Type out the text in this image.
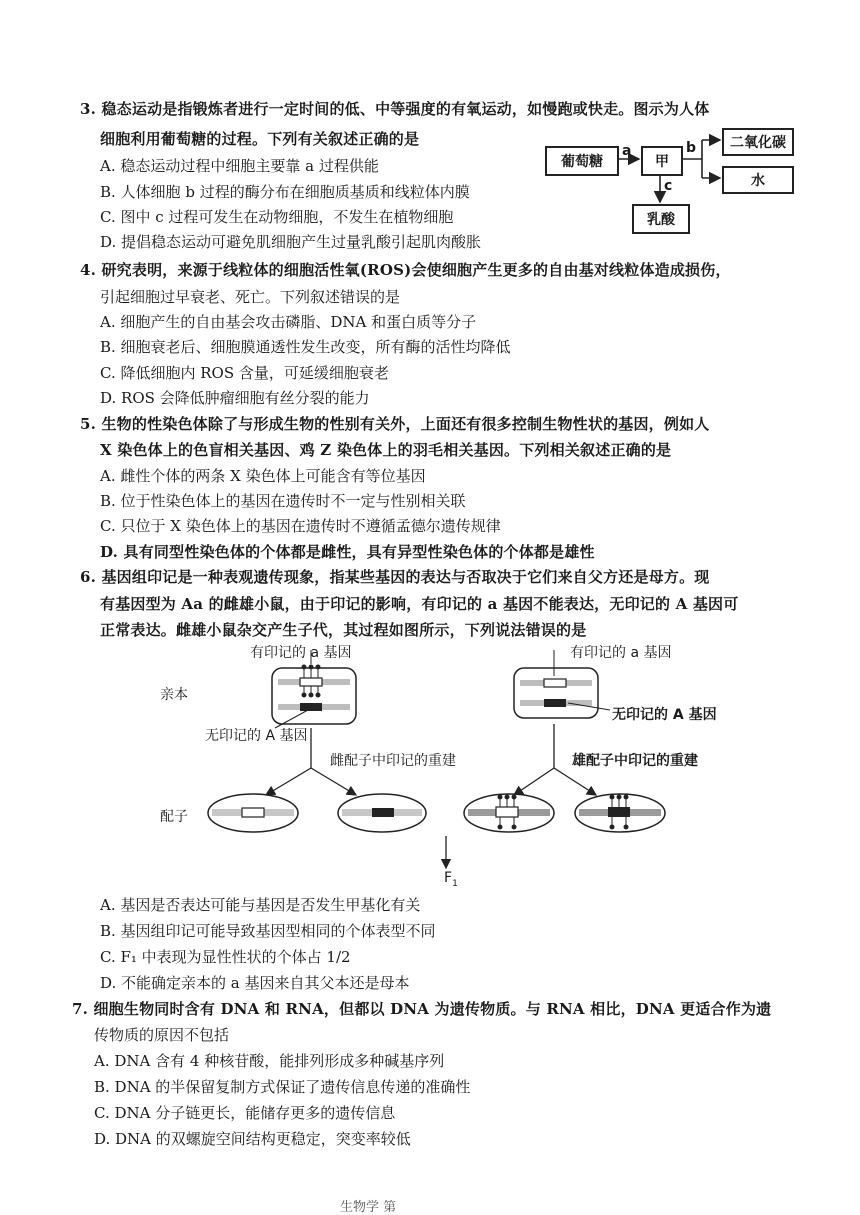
3. 稳态运动是指锻炼者进行一定时间的低、中等强度的有氧运动，如慢跑或快走。图示为人体
细胞利用葡萄糖的过程。下列有关叙述正确的是
A. 稳态运动过程中细胞主要靠 a 过程供能
B. 人体细胞 b 过程的酶分布在细胞质基质和线粒体内膜
C. 图中 c 过程可发生在动物细胞，不发生在植物细胞
D. 提倡稳态运动可避免肌细胞产生过量乳酸引起肌肉酸胀
葡萄糖	甲
二氧化碳
水
乳酸
a	b
c
4. 研究表明，来源于线粒体的细胞活性氧(ROS)会使细胞产生更多的自由基对线粒体造成损伤，
引起细胞过早衰老、死亡。下列叙述错误的是
A. 细胞产生的自由基会攻击磷脂、DNA 和蛋白质等分子
B. 细胞衰老后、细胞膜通透性发生改变，所有酶的活性均降低
C. 降低细胞内 ROS 含量，可延缓细胞衰老
D. ROS 会降低肿瘤细胞有丝分裂的能力
5. 生物的性染色体除了与形成生物的性别有关外，上面还有很多控制生物性状的基因，例如人
X 染色体上的色盲相关基因、鸡 Z 染色体上的羽毛相关基因。下列相关叙述正确的是
A. 雌性个体的两条 X 染色体上可能含有等位基因
B. 位于性染色体上的基因在遗传时不一定与性别相关联
C. 只位于 X 染色体上的基因在遗传时不遵循孟德尔遗传规律
D. 具有同型性染色体的个体都是雌性，具有异型性染色体的个体都是雄性
6. 基因组印记是一种表观遗传现象，指某些基因的表达与否取决于它们来自父方还是母方。现
有基因型为 Aa 的雌雄小鼠，由于印记的影响，有印记的 a 基因不能表达，无印记的 A 基因可
正常表达。雌雄小鼠杂交产生子代，其过程如图所示，下列说法错误的是
有印记的 a 基因	有印记的 a 基因
亲本
无印记的 A 基因
无印记的 A 基因
雌配子中印记的重建	雄配子中印记的重建
配子
$F_1$
A. 基因是否表达可能与基因是否发生甲基化有关
B. 基因组印记可能导致基因型相同的个体表型不同
C. F₁ 中表现为显性性状的个体占 1/2
D. 不能确定亲本的 a 基因来自其父本还是母本
7. 细胞生物同时含有 DNA 和 RNA，但都以 DNA 为遗传物质。与 RNA 相比，DNA 更适合作为遗
传物质的原因不包括
A. DNA 含有 4 种核苷酸，能排列形成多种碱基序列
B. DNA 的半保留复制方式保证了遗传信息传递的准确性
C. DNA 分子链更长，能储存更多的遗传信息
D. DNA 的双螺旋空间结构更稳定，突变率较低
生物学 第
